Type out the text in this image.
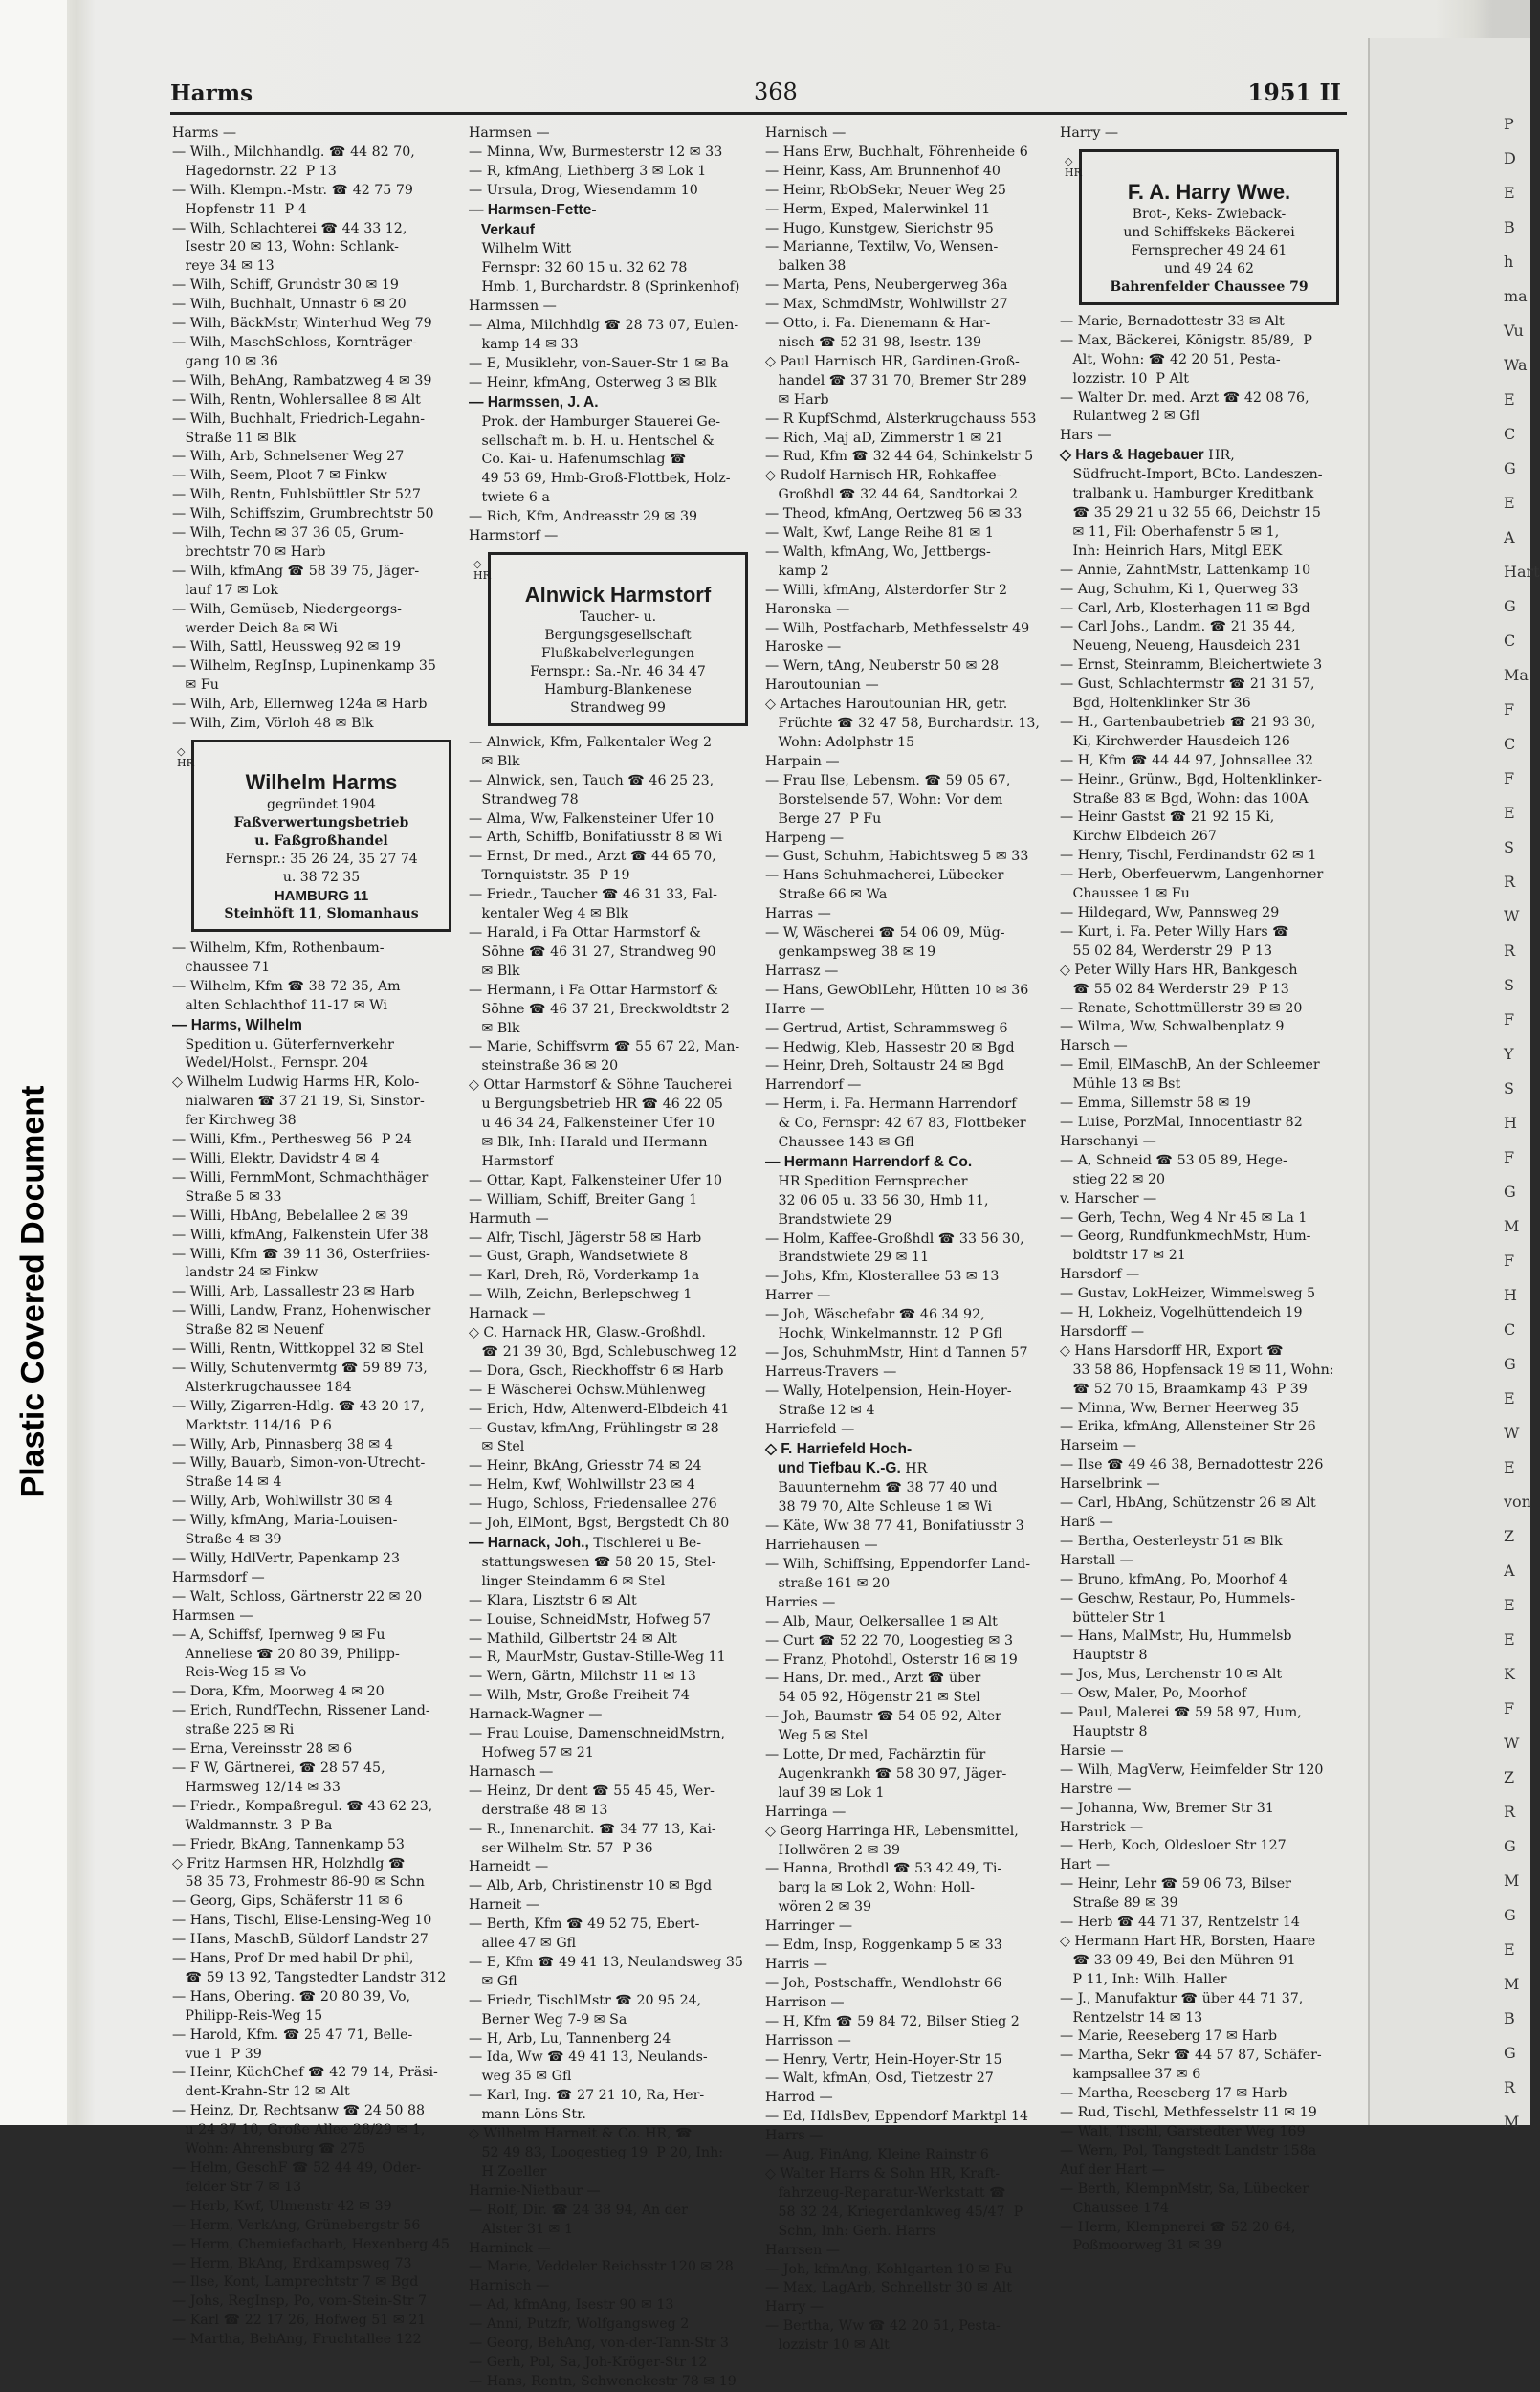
Plastic Covered Document
P
D
E
B
h
ma
Vu
Wa
E
C
G
E
A
Hart
G
C
Ma
F
C
F
E
S
R
W
R
S
F
Y
S
H
F
G
M
F
H
C
G
E
W
E
von
Z
A
E
E
K
F
W
Z
R
G
M
G
E
M
B
G
R
M
Harms	368	1951 II
Harms —
— Wilh., Milchhandlg. ☎ 44 82 70,
Hagedornstr. 22  P 13
— Wilh. Klempn.-Mstr. ☎ 42 75 79
Hopfenstr 11  P 4
— Wilh, Schlachterei ☎ 44 33 12,
Isestr 20 ✉ 13, Wohn: Schlank-
reye 34 ✉ 13
— Wilh, Schiff, Grundstr 30 ✉ 19
— Wilh, Buchhalt, Unnastr 6 ✉ 20
— Wilh, BäckMstr, Winterhud Weg 79
— Wilh, MaschSchloss, Kornträger-
gang 10 ✉ 36
— Wilh, BehAng, Rambatzweg 4 ✉ 39
— Wilh, Rentn, Wohlersallee 8 ✉ Alt
— Wilh, Buchhalt, Friedrich-Legahn-
Straße 11 ✉ Blk
— Wilh, Arb, Schnelsener Weg 27
— Wilh, Seem, Ploot 7 ✉ Finkw
— Wilh, Rentn, Fuhlsbüttler Str 527
— Wilh, Schiffszim, Grumbrechtstr 50
— Wilh, Techn ✉ 37 36 05, Grum-
brechtstr 70 ✉ Harb
— Wilh, kfmAng ☎ 58 39 75, Jäger-
lauf 17 ✉ Lok
— Wilh, Gemüseb, Niedergeorgs-
werder Deich 8a ✉ Wi
— Wilh, Sattl, Heussweg 92 ✉ 19
— Wilhelm, RegInsp, Lupinenkamp 35
✉ Fu
— Wilh, Arb, Ellernweg 124a ✉ Harb
— Wilh, Zim, Vörloh 48 ✉ Blk
◇
HR
Wilhelm Harms
gegründet 1904
Faßverwertungsbetrieb
u. Faßgroßhandel
Fernspr.: 35 26 24, 35 27 74
u. 38 72 35
HAMBURG 11
Steinhöft 11, Slomanhaus
— Wilhelm, Kfm, Rothenbaum-
chaussee 71
— Wilhelm, Kfm ☎ 38 72 35, Am
alten Schlachthof 11-17 ✉ Wi
— Harms, Wilhelm
Spedition u. Güterfernverkehr
Wedel/Holst., Fernspr. 204
◇ Wilhelm Ludwig Harms HR, Kolo-
nialwaren ☎ 37 21 19, Si, Sinstor-
fer Kirchweg 38
— Willi, Kfm., Perthesweg 56  P 24
— Willi, Elektr, Davidstr 4 ✉ 4
— Willi, FernmMont, Schmachthäger
Straße 5 ✉ 33
— Willi, HbAng, Bebelallee 2 ✉ 39
— Willi, kfmAng, Falkenstein Ufer 38
— Willi, Kfm ☎ 39 11 36, Osterfriies-
landstr 24 ✉ Finkw
— Willi, Arb, Lassallestr 23 ✉ Harb
— Willi, Landw, Franz, Hohenwischer
Straße 82 ✉ Neuenf
— Willi, Rentn, Wittkoppel 32 ✉ Stel
— Willy, Schutenvermtg ☎ 59 89 73,
Alsterkrugchaussee 184
— Willy, Zigarren-Hdlg. ☎ 43 20 17,
Marktstr. 114/16  P 6
— Willy, Arb, Pinnasberg 38 ✉ 4
— Willy, Bauarb, Simon-von-Utrecht-
Straße 14 ✉ 4
— Willy, Arb, Wohlwillstr 30 ✉ 4
— Willy, kfmAng, Maria-Louisen-
Straße 4 ✉ 39
— Willy, HdlVertr, Papenkamp 23
Harmsdorf —
— Walt, Schloss, Gärtnerstr 22 ✉ 20
Harmsen —
— A, Schiffsf, Ipernweg 9 ✉ Fu
Anneliese ☎ 20 80 39, Philipp-
Reis-Weg 15 ✉ Vo
— Dora, Kfm, Moorweg 4 ✉ 20
— Erich, RundfTechn, Rissener Land-
straße 225 ✉ Ri
— Erna, Vereinsstr 28 ✉ 6
— F W, Gärtnerei, ☎ 28 57 45,
Harmsweg 12/14 ✉ 33
— Friedr., Kompaßregul. ☎ 43 62 23,
Waldmannstr. 3  P Ba
— Friedr, BkAng, Tannenkamp 53
◇ Fritz Harmsen HR, Holzhdlg ☎
58 35 73, Frohmestr 86-90 ✉ Schn
— Georg, Gips, Schäferstr 11 ✉ 6
— Hans, Tischl, Elise-Lensing-Weg 10
— Hans, MaschB, Süldorf Landstr 27
— Hans, Prof Dr med habil Dr phil,
☎ 59 13 92, Tangstedter Landstr 312
— Hans, Obering. ☎ 20 80 39, Vo,
Philipp-Reis-Weg 15
— Harold, Kfm. ☎ 25 47 71, Belle-
vue 1  P 39
— Heinr, KüchChef ☎ 42 79 14, Präsi-
dent-Krahn-Str 12 ✉ Alt
— Heinz, Dr, Rechtsanw ☎ 24 50 88
u 24 37 10, Große Allee 28/29 ✉ 1,
Wohn: Ahrensburg ☎ 275
— Helm, GeschF ☎ 52 44 49, Oder-
felder Str 7 ✉ 13
— Herb, Kwf, Ulmenstr 42 ✉ 39
— Herm, VerkAng, Grünebergstr 56
— Herm, Chemiefacharb, Hexenberg 45
— Herm, BkAng, Erdkampsweg 73
— Ilse, Kont, Lamprechtstr 7 ✉ Bgd
— Johs, RegInsp, Po, vom-Stein-Str 7
— Karl ☎ 22 17 26, Hofweg 51 ✉ 21
— Martha, BehAng, Fruchtallee 122
Harmsen —
— Minna, Ww, Burmesterstr 12 ✉ 33
— R, kfmAng, Liethberg 3 ✉ Lok 1
— Ursula, Drog, Wiesendamm 10
— Harmsen-Fette-
Verkauf
Wilhelm Witt
Fernspr: 32 60 15 u. 32 62 78
Hmb. 1, Burchardstr. 8 (Sprinkenhof)
Harmssen —
— Alma, Milchhdlg ☎ 28 73 07, Eulen-
kamp 14 ✉ 33
— E, Musiklehr, von-Sauer-Str 1 ✉ Ba
— Heinr, kfmAng, Osterweg 3 ✉ Blk
— Harmssen, J. A.
Prok. der Hamburger Stauerei Ge-
sellschaft m. b. H. u. Hentschel &
Co. Kai- u. Hafenumschlag ☎
49 53 69, Hmb-Groß-Flottbek, Holz-
twiete 6 a
— Rich, Kfm, Andreasstr 29 ✉ 39
Harmstorf —
◇
HR
Alnwick Harmstorf
Taucher- u.
Bergungsgesellschaft
Flußkabelverlegungen
Fernspr.: Sa.-Nr. 46 34 47
Hamburg-Blankenese
Strandweg 99
— Alnwick, Kfm, Falkentaler Weg 2
✉ Blk
— Alnwick, sen, Tauch ☎ 46 25 23,
Strandweg 78
— Alma, Ww, Falkensteiner Ufer 10
— Arth, Schiffb, Bonifatiusstr 8 ✉ Wi
— Ernst, Dr med., Arzt ☎ 44 65 70,
Tornquiststr. 35  P 19
— Friedr., Taucher ☎ 46 31 33, Fal-
kentaler Weg 4 ✉ Blk
— Harald, i Fa Ottar Harmstorf &
Söhne ☎ 46 31 27, Strandweg 90
✉ Blk
— Hermann, i Fa Ottar Harmstorf &
Söhne ☎ 46 37 21, Breckwoldtstr 2
✉ Blk
— Marie, Schiffsvrm ☎ 55 67 22, Man-
steinstraße 36 ✉ 20
◇ Ottar Harmstorf & Söhne Taucherei
u Bergungsbetrieb HR ☎ 46 22 05
u 46 34 24, Falkensteiner Ufer 10
✉ Blk, Inh: Harald und Hermann
Harmstorf
— Ottar, Kapt, Falkensteiner Ufer 10
— William, Schiff, Breiter Gang 1
Harmuth —
— Alfr, Tischl, Jägerstr 58 ✉ Harb
— Gust, Graph, Wandsetwiete 8
— Karl, Dreh, Rö, Vorderkamp 1a
— Wilh, Zeichn, Berlepschweg 1
Harnack —
◇ C. Harnack HR, Glasw.-Großhdl.
☎ 21 39 30, Bgd, Schlebuschweg 12
— Dora, Gsch, Rieckhoffstr 6 ✉ Harb
— E Wäscherei Ochsw.Mühlenweg
— Erich, Hdw, Altenwerd-Elbdeich 41
— Gustav, kfmAng, Frühlingstr ✉ 28
✉ Stel
— Heinr, BkAng, Griesstr 74 ✉ 24
— Helm, Kwf, Wohlwillstr 23 ✉ 4
— Hugo, Schloss, Friedensallee 276
— Joh, ElMont, Bgst, Bergstedt Ch 80
— Harnack, Joh., Tischlerei u Be-
stattungswesen ☎ 58 20 15, Stel-
linger Steindamm 6 ✉ Stel
— Klara, Lisztstr 6 ✉ Alt
— Louise, SchneidMstr, Hofweg 57
— Mathild, Gilbertstr 24 ✉ Alt
— R, MaurMstr, Gustav-Stille-Weg 11
— Wern, Gärtn, Milchstr 11 ✉ 13
— Wilh, Mstr, Große Freiheit 74
Harnack-Wagner —
— Frau Louise, DamenschneidMstrn,
Hofweg 57 ✉ 21
Harnasch —
— Heinz, Dr dent ☎ 55 45 45, Wer-
derstraße 48 ✉ 13
— R., Innenarchit. ☎ 34 77 13, Kai-
ser-Wilhelm-Str. 57  P 36
Harneidt —
— Alb, Arb, Christinenstr 10 ✉ Bgd
Harneit —
— Berth, Kfm ☎ 49 52 75, Ebert-
allee 47 ✉ Gfl
— E, Kfm ☎ 49 41 13, Neulandsweg 35
✉ Gfl
— Friedr, TischlMstr ☎ 20 95 24,
Berner Weg 7-9 ✉ Sa
— H, Arb, Lu, Tannenberg 24
— Ida, Ww ☎ 49 41 13, Neulands-
weg 35 ✉ Gfl
— Karl, Ing. ☎ 27 21 10, Ra, Her-
mann-Löns-Str.
◇ Wilhelm Harneit & Co. HR, ☎
52 49 83, Loogestieg 19  P 20, Inh:
H Zoeller
Harnie-Nietbaur —
— Rolf, Dir. ☎ 24 38 94, An der
Alster 31 ✉ 1
Harninck —
— Marie, Veddeler Reichsstr 120 ✉ 28
Harnisch —
— Ad, kfmAng, Isestr 90 ✉ 13
— Anni, Putzfr, Wolfgangsweg 2
— Georg, BehAng, von-der-Tann-Str 3
— Gerh, Pol, Sa, Joh-Kröger-Str 12
— Hans, Rentn, Schwenckestr 78 ✉ 19
Harnisch —
— Hans Erw, Buchhalt, Föhrenheide 6
— Heinr, Kass, Am Brunnenhof 40
— Heinr, RbObSekr, Neuer Weg 25
— Herm, Exped, Malerwinkel 11
— Hugo, Kunstgew, Sierichstr 95
— Marianne, Textilw, Vo, Wensen-
balken 38
— Marta, Pens, Neubergerweg 36a
— Max, SchmdMstr, Wohlwillstr 27
— Otto, i. Fa. Dienemann & Har-
nisch ☎ 52 31 98, Isestr. 139
◇ Paul Harnisch HR, Gardinen-Groß-
handel ☎ 37 31 70, Bremer Str 289
✉ Harb
— R KupfSchmd, Alsterkrugchauss 553
— Rich, Maj aD, Zimmerstr 1 ✉ 21
— Rud, Kfm ☎ 32 44 64, Schinkelstr 5
◇ Rudolf Harnisch HR, Rohkaffee-
Großhdl ☎ 32 44 64, Sandtorkai 2
— Theod, kfmAng, Oertzweg 56 ✉ 33
— Walt, Kwf, Lange Reihe 81 ✉ 1
— Walth, kfmAng, Wo, Jettbergs-
kamp 2
— Willi, kfmAng, Alsterdorfer Str 2
Haronska —
— Wilh, Postfacharb, Methfesselstr 49
Haroske —
— Wern, tAng, Neuberstr 50 ✉ 28
Haroutounian —
◇ Artaches Haroutounian HR, getr.
Früchte ☎ 32 47 58, Burchardstr. 13,
Wohn: Adolphstr 15
Harpain —
— Frau Ilse, Lebensm. ☎ 59 05 67,
Borstelsende 57, Wohn: Vor dem
Berge 27  P Fu
Harpeng —
— Gust, Schuhm, Habichtsweg 5 ✉ 33
— Hans Schuhmacherei, Lübecker
Straße 66 ✉ Wa
Harras —
— W, Wäscherei ☎ 54 06 09, Müg-
genkampsweg 38 ✉ 19
Harrasz —
— Hans, GewOblLehr, Hütten 10 ✉ 36
Harre —
— Gertrud, Artist, Schrammsweg 6
— Hedwig, Kleb, Hassestr 20 ✉ Bgd
— Heinr, Dreh, Soltaustr 24 ✉ Bgd
Harrendorf —
— Herm, i. Fa. Hermann Harrendorf
& Co, Fernspr: 42 67 83, Flottbeker
Chaussee 143 ✉ Gfl
— Hermann Harrendorf & Co.
HR Spedition Fernsprecher
32 06 05 u. 33 56 30, Hmb 11,
Brandstwiete 29
— Holm, Kaffee-Großhdl ☎ 33 56 30,
Brandstwiete 29 ✉ 11
— Johs, Kfm, Klosterallee 53 ✉ 13
Harrer —
— Joh, Wäschefabr ☎ 46 34 92,
Hochk, Winkelmannstr. 12  P Gfl
— Jos, SchuhmMstr, Hint d Tannen 57
Harreus-Travers —
— Wally, Hotelpension, Hein-Hoyer-
Straße 12 ✉ 4
Harriefeld —
◇ F. Harriefeld Hoch-
und Tiefbau K.-G. HR
Bauunternehm ☎ 38 77 40 und
38 79 70, Alte Schleuse 1 ✉ Wi
— Käte, Ww 38 77 41, Bonifatiusstr 3
Harriehausen —
— Wilh, Schiffsing, Eppendorfer Land-
straße 161 ✉ 20
Harries —
— Alb, Maur, Oelkersallee 1 ✉ Alt
— Curt ☎ 52 22 70, Loogestieg ✉ 3
— Franz, Photohdl, Osterstr 16 ✉ 19
— Hans, Dr. med., Arzt ☎ über
54 05 92, Högenstr 21 ✉ Stel
— Joh, Baumstr ☎ 54 05 92, Alter
Weg 5 ✉ Stel
— Lotte, Dr med, Fachärztin für
Augenkrankh ☎ 58 30 97, Jäger-
lauf 39 ✉ Lok 1
Harringa —
◇ Georg Harringa HR, Lebensmittel,
Hollwören 2 ✉ 39
— Hanna, Brothdl ☎ 53 42 49, Ti-
barg la ✉ Lok 2, Wohn: Holl-
wören 2 ✉ 39
Harringer —
— Edm, Insp, Roggenkamp 5 ✉ 33
Harris —
— Joh, Postschaffn, Wendlohstr 66
Harrison —
— H, Kfm ☎ 59 84 72, Bilser Stieg 2
Harrisson —
— Henry, Vertr, Hein-Hoyer-Str 15
— Walt, kfmAn, Osd, Tietzestr 27
Harrod —
— Ed, HdlsBev, Eppendorf Marktpl 14
Harrs —
— Aug, FinAng, Kleine Rainstr 6
◇ Walter Harrs & Sohn HR, Kraft-
fahrzeug-Reparatur-Werkstatt ☎
58 32 24, Kriegerdankweg 45/47  P
Schn, Inh: Gerh. Harrs
Harrsen —
— Joh, kfmAng, Kohlgarten 10 ✉ Fu
— Max, LagArb, Schnellstr 30 ✉ Alt
Harry —
— Bertha, Ww ☎ 42 20 51, Pesta-
lozzistr 10 ✉ Alt
Harry —
◇
HR
F. A. Harry Wwe.
Brot-, Keks- Zwieback-
und Schiffskeks-Bäckerei
Fernsprecher 49 24 61
und 49 24 62
Bahrenfelder Chaussee 79
— Marie, Bernadottestr 33 ✉ Alt
— Max, Bäckerei, Königstr. 85/89,  P
Alt, Wohn: ☎ 42 20 51, Pesta-
lozzistr. 10  P Alt
— Walter Dr. med. Arzt ☎ 42 08 76,
Rulantweg 2 ✉ Gfl
Hars —
◇ Hars & Hagebauer HR,
Südfrucht-Import, BCto. Landeszen-
tralbank u. Hamburger Kreditbank
☎ 35 29 21 u 32 55 66, Deichstr 15
✉ 11, Fil: Oberhafenstr 5 ✉ 1,
Inh: Heinrich Hars, Mitgl EEK
— Annie, ZahntMstr, Lattenkamp 10
— Aug, Schuhm, Ki 1, Querweg 33
— Carl, Arb, Klosterhagen 11 ✉ Bgd
— Carl Johs., Landm. ☎ 21 35 44,
Neueng, Neueng, Hausdeich 231
— Ernst, Steinramm, Bleichertwiete 3
— Gust, Schlachtermstr ☎ 21 31 57,
Bgd, Holtenklinker Str 36
— H., Gartenbaubetrieb ☎ 21 93 30,
Ki, Kirchwerder Hausdeich 126
— H, Kfm ☎ 44 44 97, Johnsallee 32
— Heinr., Grünw., Bgd, Holtenklinker-
Straße 83 ✉ Bgd, Wohn: das 100A
— Heinr Gastst ☎ 21 92 15 Ki,
Kirchw Elbdeich 267
— Henry, Tischl, Ferdinandstr 62 ✉ 1
— Herb, Oberfeuerwm, Langenhorner
Chaussee 1 ✉ Fu
— Hildegard, Ww, Pannsweg 29
— Kurt, i. Fa. Peter Willy Hars ☎
55 02 84, Werderstr 29  P 13
◇ Peter Willy Hars HR, Bankgesch
☎ 55 02 84 Werderstr 29  P 13
— Renate, Schottmüllerstr 39 ✉ 20
— Wilma, Ww, Schwalbenplatz 9
Harsch —
— Emil, ElMaschB, An der Schleemer
Mühle 13 ✉ Bst
— Emma, Sillemstr 58 ✉ 19
— Luise, PorzMal, Innocentiastr 82
Harschanyi —
— A, Schneid ☎ 53 05 89, Hege-
stieg 22 ✉ 20
v. Harscher —
— Gerh, Techn, Weg 4 Nr 45 ✉ La 1
— Georg, RundfunkmechMstr, Hum-
boldtstr 17 ✉ 21
Harsdorf —
— Gustav, LokHeizer, Wimmelsweg 5
— H, Lokheiz, Vogelhüttendeich 19
Harsdorff —
◇ Hans Harsdorff HR, Export ☎
33 58 86, Hopfensack 19 ✉ 11, Wohn:
☎ 52 70 15, Braamkamp 43  P 39
— Minna, Ww, Berner Heerweg 35
— Erika, kfmAng, Allensteiner Str 26
Harseim —
— Ilse ☎ 49 46 38, Bernadottestr 226
Harselbrink —
— Carl, HbAng, Schützenstr 26 ✉ Alt
Harß —
— Bertha, Oesterleystr 51 ✉ Blk
Harstall —
— Bruno, kfmAng, Po, Moorhof 4
— Geschw, Restaur, Po, Hummels-
bütteler Str 1
— Hans, MalMstr, Hu, Hummelsb
Hauptstr 8
— Jos, Mus, Lerchenstr 10 ✉ Alt
— Osw, Maler, Po, Moorhof
— Paul, Malerei ☎ 59 58 97, Hum,
Hauptstr 8
Harsie —
— Wilh, MagVerw, Heimfelder Str 120
Harstre —
— Johanna, Ww, Bremer Str 31
Harstrick —
— Herb, Koch, Oldesloer Str 127
Hart —
— Heinr, Lehr ☎ 59 06 73, Bilser
Straße 89 ✉ 39
— Herb ☎ 44 71 37, Rentzelstr 14
◇ Hermann Hart HR, Borsten, Haare
☎ 33 09 49, Bei den Mühren 91
P 11, Inh: Wilh. Haller
— J., Manufaktur ☎ über 44 71 37,
Rentzelstr 14 ✉ 13
— Marie, Reeseberg 17 ✉ Harb
— Martha, Sekr ☎ 44 57 87, Schäfer-
kampsallee 37 ✉ 6
— Martha, Reeseberg 17 ✉ Harb
— Rud, Tischl, Methfesselstr 11 ✉ 19
— Walt, Tischl, Garstedter Weg 169
— Wern, Pol, Tangstedt Landstr 158a
Auf der Hart —
— Berth, KlempnMstr, Sa, Lübecker
Chaussee 174
— Herm, Klempnerei ☎ 52 20 64,
Poßmoorweg 31 ✉ 39
